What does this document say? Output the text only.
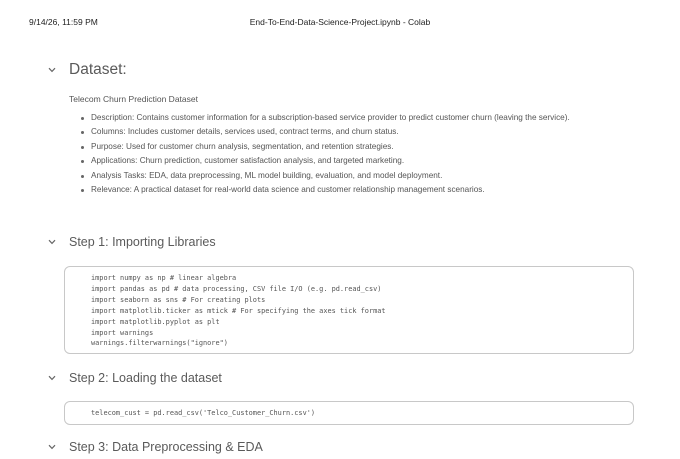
9/14/26, 11:59 PM	End-To-End-Data-Science-Project.ipynb - Colab
Dataset:
Telecom Churn Prediction Dataset
Description: Contains customer information for a subscription-based service provider to predict customer churn (leaving the service).
Columns: Includes customer details, services used, contract terms, and churn status.
Purpose: Used for customer churn analysis, segmentation, and retention strategies.
Applications: Churn prediction, customer satisfaction analysis, and targeted marketing.
Analysis Tasks: EDA, data preprocessing, ML model building, evaluation, and model deployment.
Relevance: A practical dataset for real-world data science and customer relationship management scenarios.
Step 1: Importing Libraries
import numpy as np # linear algebra
import pandas as pd # data processing, CSV file I/O (e.g. pd.read_csv)
import seaborn as sns # For creating plots
import matplotlib.ticker as mtick # For specifying the axes tick format
import matplotlib.pyplot as plt
import warnings
warnings.filterwarnings("ignore")
Step 2: Loading the dataset
telecom_cust = pd.read_csv('Telco_Customer_Churn.csv')
Step 3: Data Preprocessing & EDA
